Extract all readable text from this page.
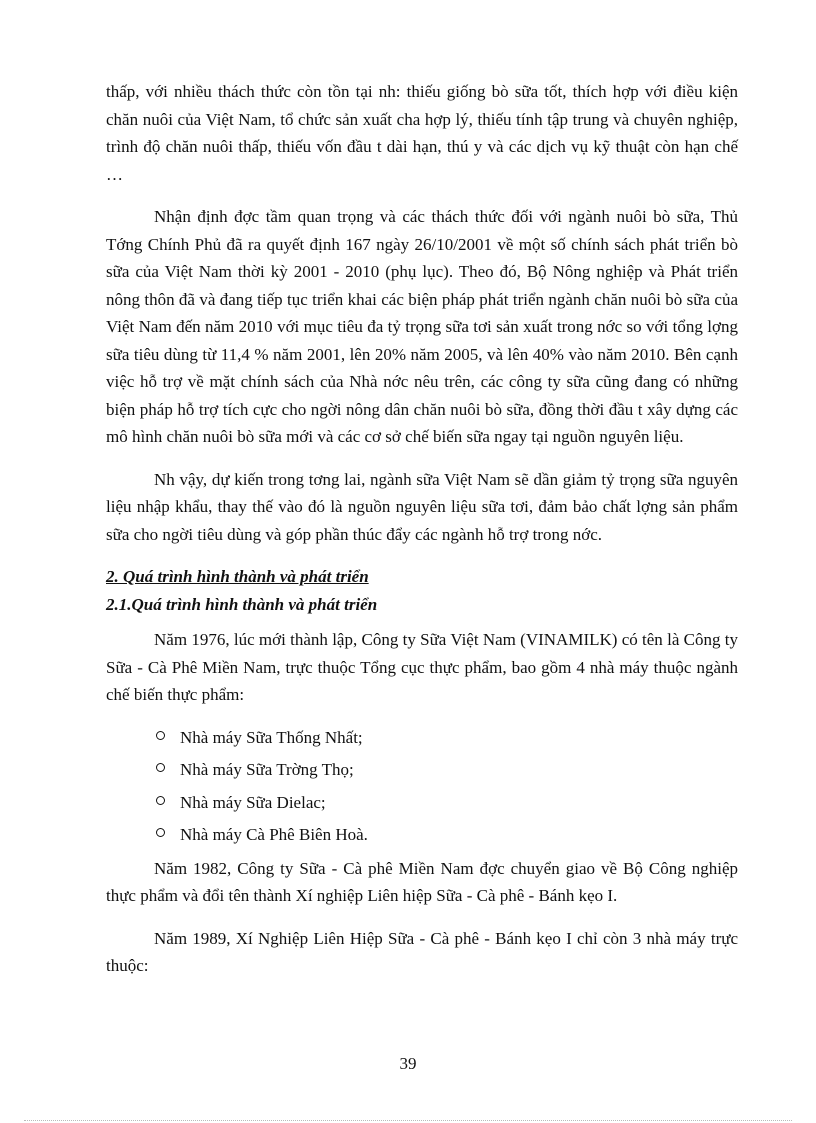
thấp, với nhiều thách thức còn tồn tại nh: thiếu giống bò sữa tốt, thích hợp với điều kiện chăn nuôi của Việt Nam, tổ chức sản xuất cha hợp lý, thiếu tính tập trung và chuyên nghiệp, trình độ chăn nuôi thấp, thiếu vốn đầu t dài hạn, thú y và các dịch vụ kỹ thuật còn hạn chế …

Nhận định đợc tầm quan trọng và các thách thức đối với ngành nuôi bò sữa, Thủ Tớng Chính Phủ đã ra quyết định 167 ngày 26/10/2001 về một số chính sách phát triển bò sữa của Việt Nam thời kỳ 2001 - 2010 (phụ lục). Theo đó, Bộ Nông nghiệp và Phát triển nông thôn đã và đang tiếp tục triển khai các biện pháp phát triển ngành chăn nuôi bò sữa của Việt Nam đến năm 2010 với mục tiêu đa tỷ trọng sữa tơi sản xuất trong nớc so với tổng lợng sữa tiêu dùng từ 11,4 % năm 2001, lên 20% năm 2005, và lên 40% vào năm 2010. Bên cạnh việc hỗ trợ về mặt chính sách của Nhà nớc nêu trên, các công ty sữa cũng đang có những biện pháp hỗ trợ tích cực cho ngời nông dân chăn nuôi bò sữa, đồng thời đầu t xây dựng các mô hình chăn nuôi bò sữa mới và các cơ sở chế biến sữa ngay tại nguồn nguyên liệu.

Nh vậy, dự kiến trong tơng lai, ngành sữa Việt Nam sẽ dần giảm tỷ trọng sữa nguyên liệu nhập khẩu, thay thế vào đó là nguồn nguyên liệu sữa tơi, đảm bảo chất lợng sản phẩm sữa cho ngời tiêu dùng và góp phần thúc đẩy các ngành hỗ trợ trong nớc.

2. Quá trình hình thành và phát triển

2.1.Quá trình hình thành và phát triển

Năm 1976, lúc mới thành lập, Công ty Sữa Việt Nam (VINAMILK) có tên là Công ty Sữa - Cà Phê Miền Nam, trực thuộc Tổng cục thực phẩm, bao gồm 4 nhà máy thuộc ngành chế biến thực phẩm:

Nhà máy Sữa Thống Nhất;
Nhà máy Sữa Trờng Thọ;
Nhà máy Sữa Dielac;
Nhà máy Cà Phê Biên Hoà.

Năm 1982, Công ty Sữa - Cà phê Miền Nam đợc chuyển giao về Bộ Công nghiệp thực phẩm và đổi tên thành Xí nghiệp Liên hiệp Sữa - Cà phê - Bánh kẹo I.

Năm 1989, Xí Nghiệp Liên Hiệp Sữa - Cà phê - Bánh kẹo I chỉ còn 3 nhà máy trực thuộc:

39
